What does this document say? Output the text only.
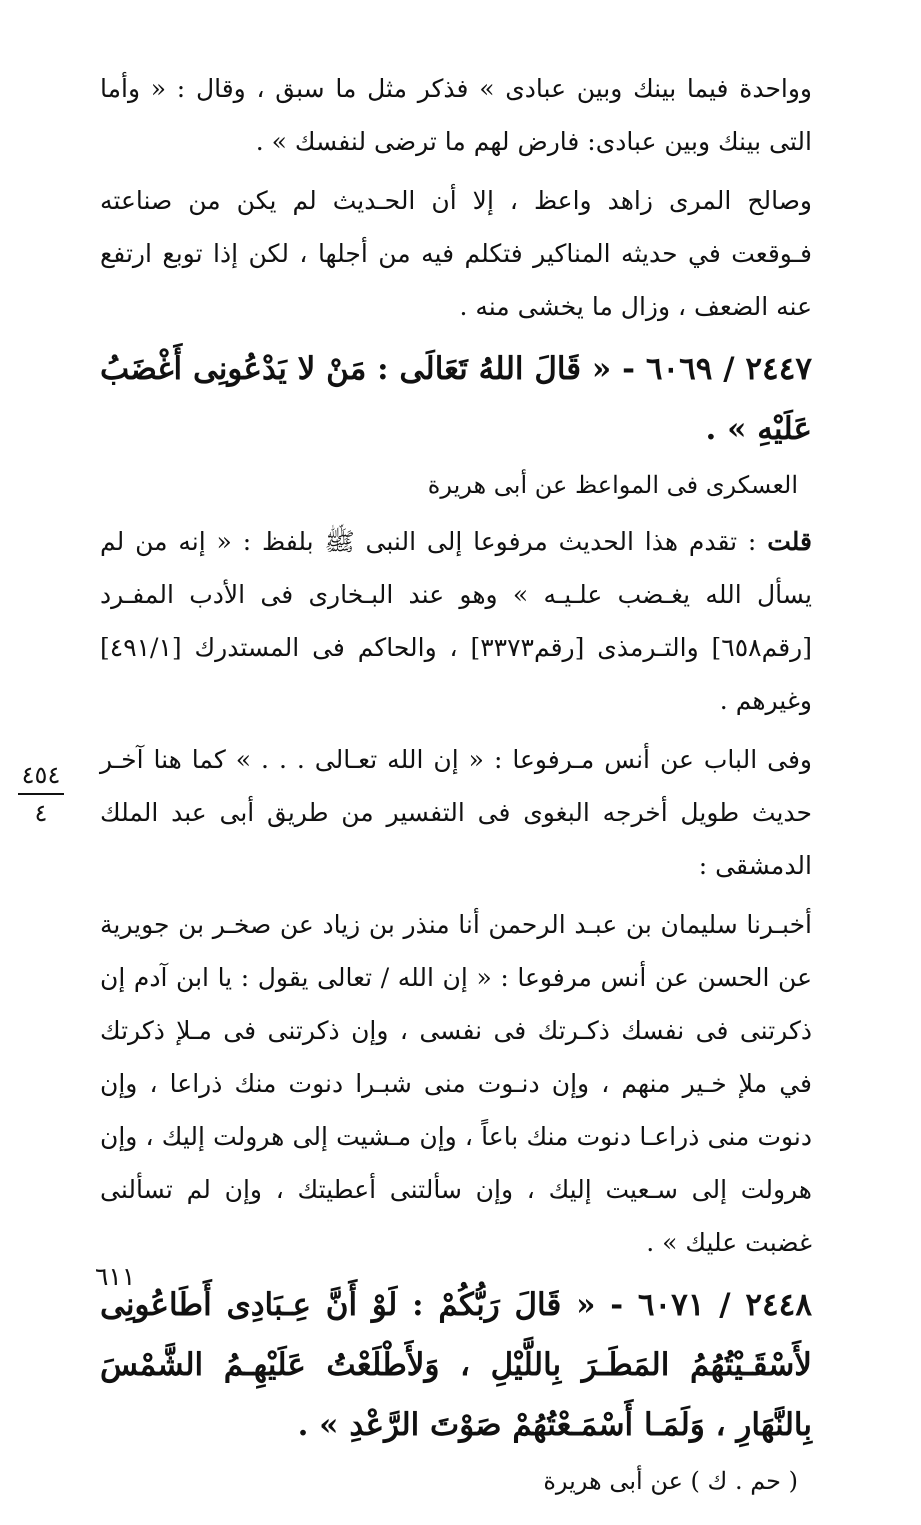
وواحدة فيما بينك وبين عبادى » فذكر مثل ما سبق ، وقال : « وأما التى بينك وبين عبادى: فارض لهم ما ترضى لنفسك » .

وصالح المرى زاهد واعظ ، إلا أن الحـديث لم يكن من صناعته فـوقعت في حديثه المناكير فتكلم فيه من أجلها ، لكن إذا توبع ارتفع عنه الضعف ، وزال ما يخشى منه .

٢٤٤٧ / ٦٠٦٩ - « قَالَ اللهُ تَعَالَى : مَنْ لا يَدْعُونِى أَغْضَبُ عَلَيْهِ » .

العسكرى فى المواعظ عن أبى هريرة

قلت : تقدم هذا الحديث مرفوعا إلى النبى ﷺ بلفظ : « إنه من لم يسأل الله يغـضب علـيـه » وهو عند البـخارى فى الأدب المفـرد [رقم٦٥٨] والتـرمذى [رقم٣٣٧٣] ، والحاكم فى المستدرك [٤٩١/١] وغيرهم .

وفى الباب عن أنس مـرفوعا : « إن الله تعـالى . . . » كما هنا آخـر حديث طويل أخرجه البغوى فى التفسير من طريق أبى عبد الملك الدمشقى :

أخبـرنا سليمان بن عبـد الرحمن أنا منذر بن زياد عن صخـر بن جويرية عن الحسن عن أنس مرفوعا : « إن الله / تعالى يقول : يا ابن آدم إن ذكرتنى فى نفسك ذكـرتك فى نفسى ، وإن ذكرتنى فى مـلإ ذكرتك في ملإ خـير منهم ، وإن دنـوت منى شبـرا دنوت منك ذراعا ، وإن دنوت منى ذراعـا دنوت منك باعاً ، وإن مـشيت إلى هرولت إليك ، وإن هرولت إلى سـعيت إليك ، وإن سألتنى أعطيتك ، وإن لم تسألنى غضبت عليك » .

٢٤٤٨ / ٦٠٧١ - « قَالَ رَبُّكُمْ : لَوْ أَنَّ عِـبَادِى أَطَاعُونِى لأَسْقَـيْتُهُمُ المَطَـرَ بِاللَّيْلِ ، وَلأَطْلَعْتُ عَلَيْهِـمُ الشَّمْسَ بِالنَّهَارِ ، وَلَمَـا أَسْمَـعْتُهُمْ صَوْتَ الرَّعْدِ » .

( حم . ك ) عن أبى هريرة

٤٥٤
٤
٦١١
